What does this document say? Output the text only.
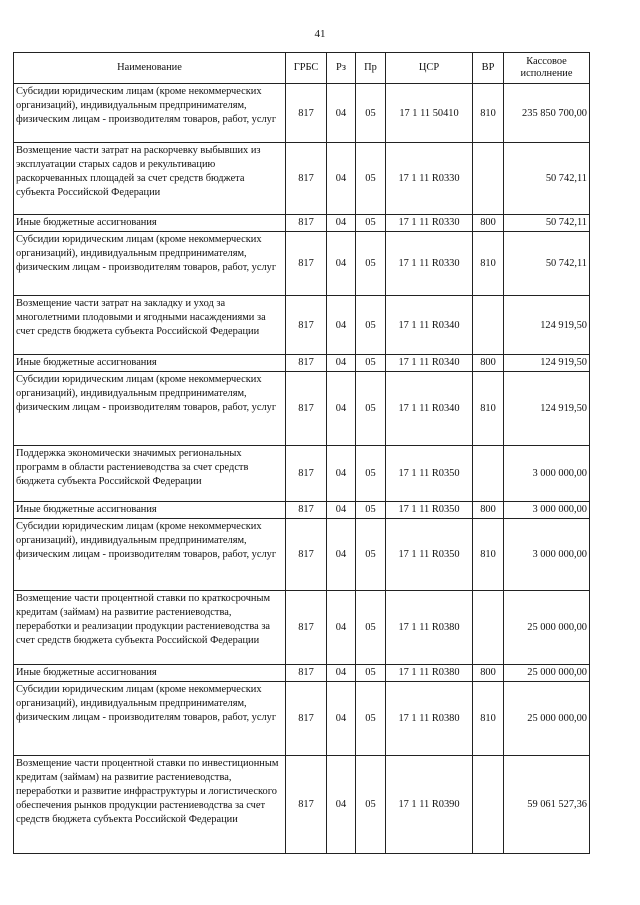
41
Наименование	ГРБС	Рз	Пр	ЦСР	ВР	Кассовое исполнение
Субсидии юридическим лицам (кроме некоммерческих организаций), индивидуальным предпринимателям, физическим лицам - производителям товаров, работ, услуг	817	04	05	17 1 11 50410	810	235 850 700,00
Возмещение части затрат на раскорчевку выбывших из эксплуатации старых садов и рекультивацию раскорчеванных площадей за счет средств бюджета субъекта Российской Федерации	817	04	05	17 1 11 R0330		50 742,11
Иные бюджетные ассигнования	817	04	05	17 1 11 R0330	800	50 742,11
Субсидии юридическим лицам (кроме некоммерческих организаций), индивидуальным предпринимателям, физическим лицам - производителям товаров, работ, услуг	817	04	05	17 1 11 R0330	810	50 742,11
Возмещение части затрат на закладку и уход за многолетними плодовыми и ягодными насаждениями за счет средств бюджета субъекта Российской Федерации	817	04	05	17 1 11 R0340		124 919,50
Иные бюджетные ассигнования	817	04	05	17 1 11 R0340	800	124 919,50
Субсидии юридическим лицам (кроме некоммерческих организаций), индивидуальным предпринимателям, физическим лицам - производителям товаров, работ, услуг	817	04	05	17 1 11 R0340	810	124 919,50
Поддержка экономически значимых региональных программ в области растениеводства за счет средств бюджета субъекта Российской Федерации	817	04	05	17 1 11 R0350		3 000 000,00
Иные бюджетные ассигнования	817	04	05	17 1 11 R0350	800	3 000 000,00
Субсидии юридическим лицам (кроме некоммерческих организаций), индивидуальным предпринимателям, физическим лицам - производителям товаров, работ, услуг	817	04	05	17 1 11 R0350	810	3 000 000,00
Возмещение части процентной ставки по краткосрочным кредитам (займам) на развитие растениеводства, переработки и реализации продукции растениеводства за счет средств бюджета субъекта Российской Федерации	817	04	05	17 1 11 R0380		25 000 000,00
Иные бюджетные ассигнования	817	04	05	17 1 11 R0380	800	25 000 000,00
Субсидии юридическим лицам (кроме некоммерческих организаций), индивидуальным предпринимателям, физическим лицам - производителям товаров, работ, услуг	817	04	05	17 1 11 R0380	810	25 000 000,00
Возмещение части процентной ставки по инвестиционным кредитам (займам) на развитие растениеводства, переработки и развитие инфраструктуры и логистического обеспечения рынков продукции растениеводства за счет средств бюджета субъекта Российской Федерации	817	04	05	17 1 11 R0390		59 061 527,36
